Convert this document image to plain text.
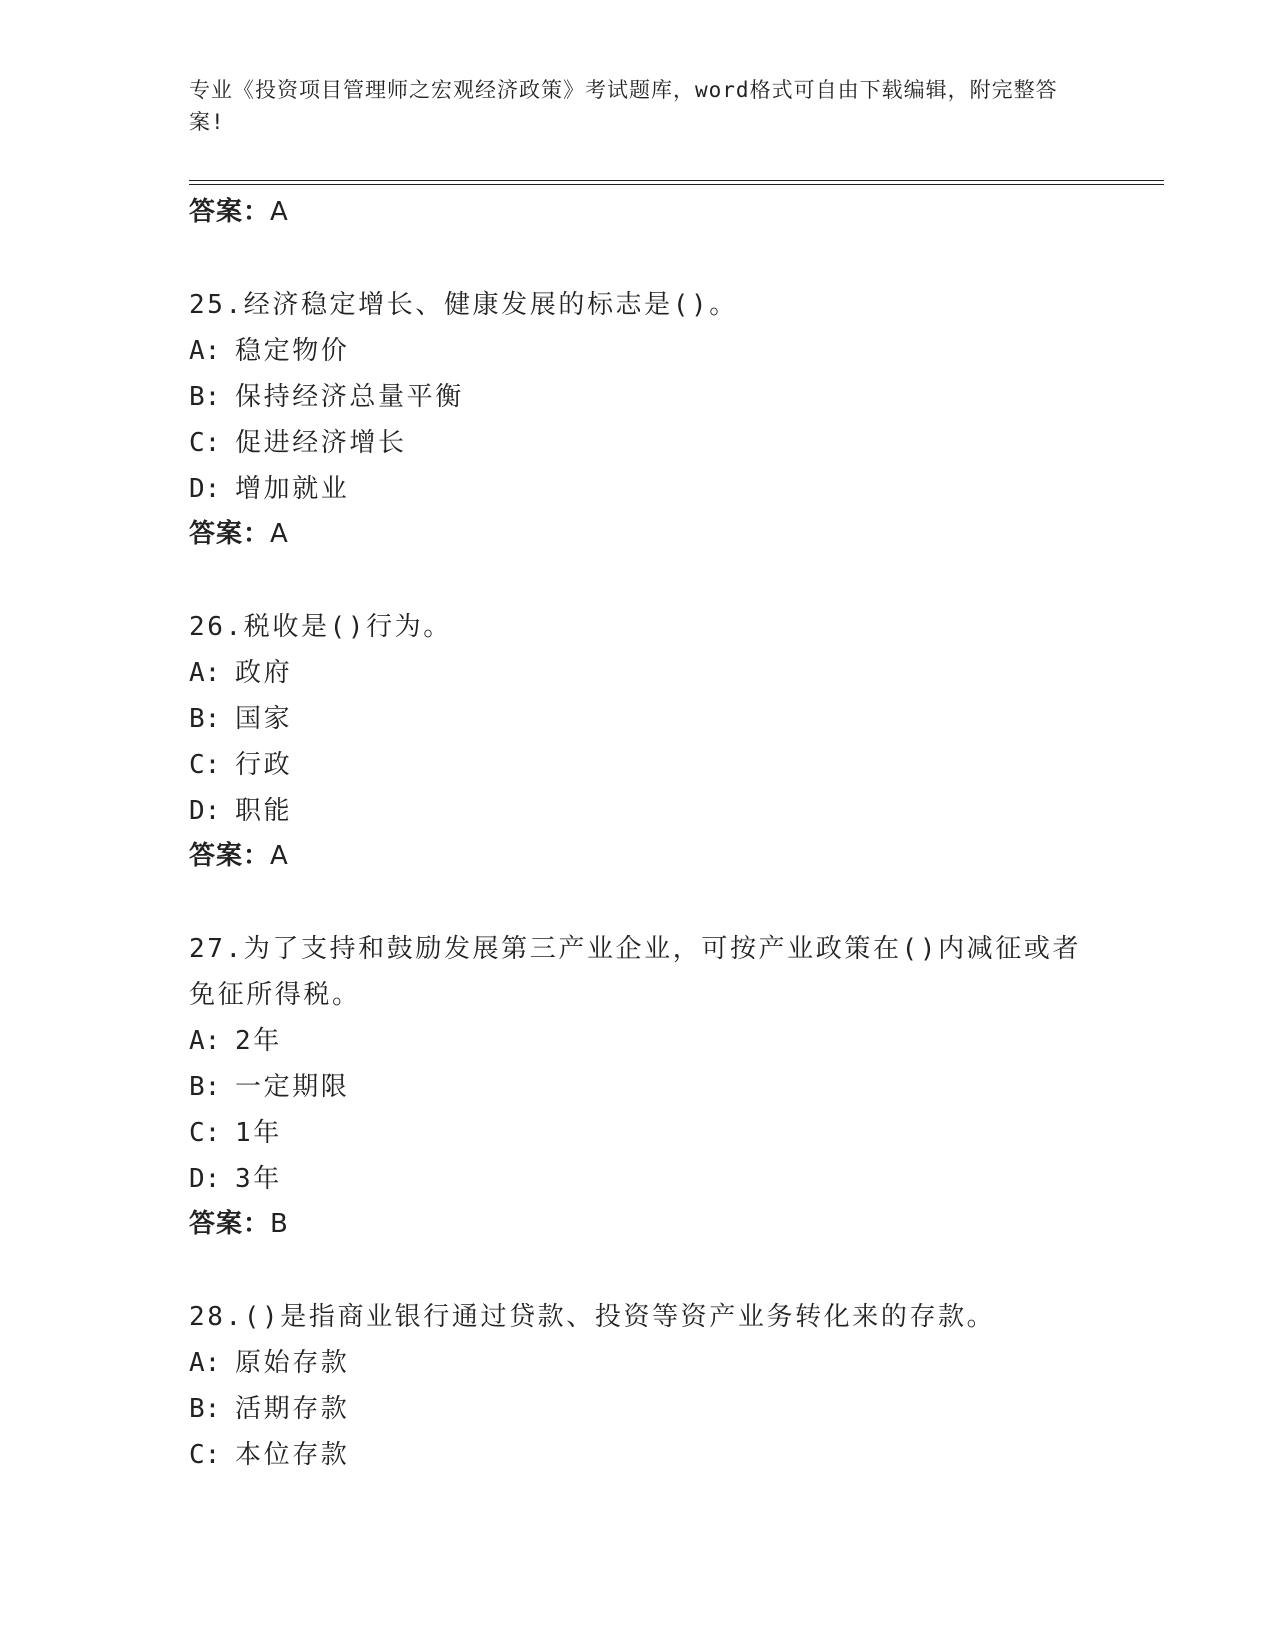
专业《投资项目管理师之宏观经济政策》考试题库，word格式可自由下载编辑，附完整答案!
答案：A
25.经济稳定增长、健康发展的标志是()。
A: 稳定物价
B: 保持经济总量平衡
C: 促进经济增长
D: 增加就业
答案：A
26.税收是()行为。
A: 政府
B: 国家
C: 行政
D: 职能
答案：A
27.为了支持和鼓励发展第三产业企业，可按产业政策在()内减征或者免征所得税。
A: 2年
B: 一定期限
C: 1年
D: 3年
答案：B
28.()是指商业银行通过贷款、投资等资产业务转化来的存款。
A: 原始存款
B: 活期存款
C: 本位存款
